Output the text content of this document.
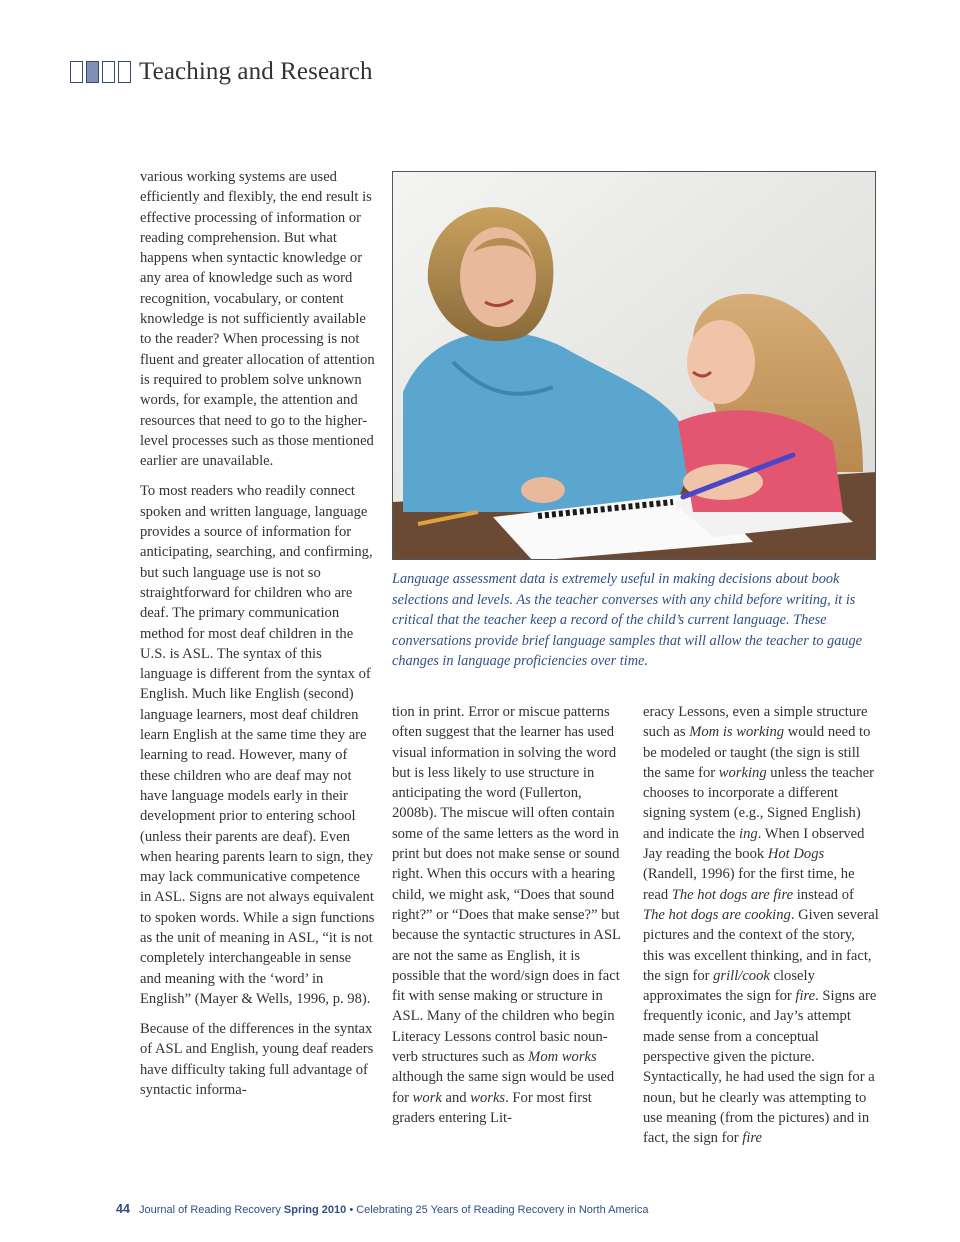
Teaching and Research

various working systems are used efficiently and flexibly, the end result is effective processing of information or reading comprehension. But what happens when syntactic knowledge or any area of knowledge such as word recognition, vocabulary, or content knowledge is not sufficiently available to the reader? When processing is not fluent and greater allocation of attention is required to problem solve unknown words, for example, the attention and resources that need to go to the higher-level processes such as those mentioned earlier are unavailable.

To most readers who readily connect spoken and written language, language provides a source of information for anticipating, searching, and confirming, but such language use is not so straightforward for children who are deaf. The primary communication method for most deaf children in the U.S. is ASL. The syntax of this language is different from the syntax of English. Much like English (second) language learners, most deaf children learn English at the same time they are learning to read. However, many of these children who are deaf may not have language models early in their development prior to entering school (unless their parents are deaf). Even when hearing parents learn to sign, they may lack communicative competence in ASL. Signs are not always equivalent to spoken words. While a sign functions as the unit of meaning in ASL, “it is not completely interchangeable in sense and meaning with the ‘word’ in English” (Mayer & Wells, 1996, p. 98).

Because of the differences in the syntax of ASL and English, young deaf readers have difficulty taking full advantage of syntactic informa-

Language assessment data is extremely useful in making decisions about book selections and levels. As the teacher converses with any child before writing, it is critical that the teacher keep a record of the child’s current language. These conversations provide brief language samples that will allow the teacher to gauge changes in language proficiencies over time.

tion in print. Error or miscue patterns often suggest that the learner has used visual information in solving the word but is less likely to use structure in anticipating the word (Fullerton, 2008b). The miscue will often contain some of the same letters as the word in print but does not make sense or sound right. When this occurs with a hearing child, we might ask, “Does that sound right?” or “Does that make sense?” but because the syntactic structures in ASL are not the same as English, it is possible that the word/sign does in fact fit with sense making or structure in ASL. Many of the children who begin Literacy Lessons control basic noun-verb structures such as Mom works although the same sign would be used for work and works. For most first graders entering Lit-

eracy Lessons, even a simple structure such as Mom is working would need to be modeled or taught (the sign is still the same for working unless the teacher chooses to incorporate a different signing system (e.g., Signed English) and indicate the ing. When I observed Jay reading the book Hot Dogs (Randell, 1996) for the first time, he read The hot dogs are fire instead of The hot dogs are cooking. Given several pictures and the context of the story, this was excellent thinking, and in fact, the sign for grill/cook closely approximates the sign for fire. Signs are frequently iconic, and Jay’s attempt made sense from a conceptual perspective given the picture. Syntactically, he had used the sign for a noun, but he clearly was attempting to use meaning (from the pictures) and in fact, the sign for fire

44 Journal of Reading Recovery Spring 2010 • Celebrating 25 Years of Reading Recovery in North America
